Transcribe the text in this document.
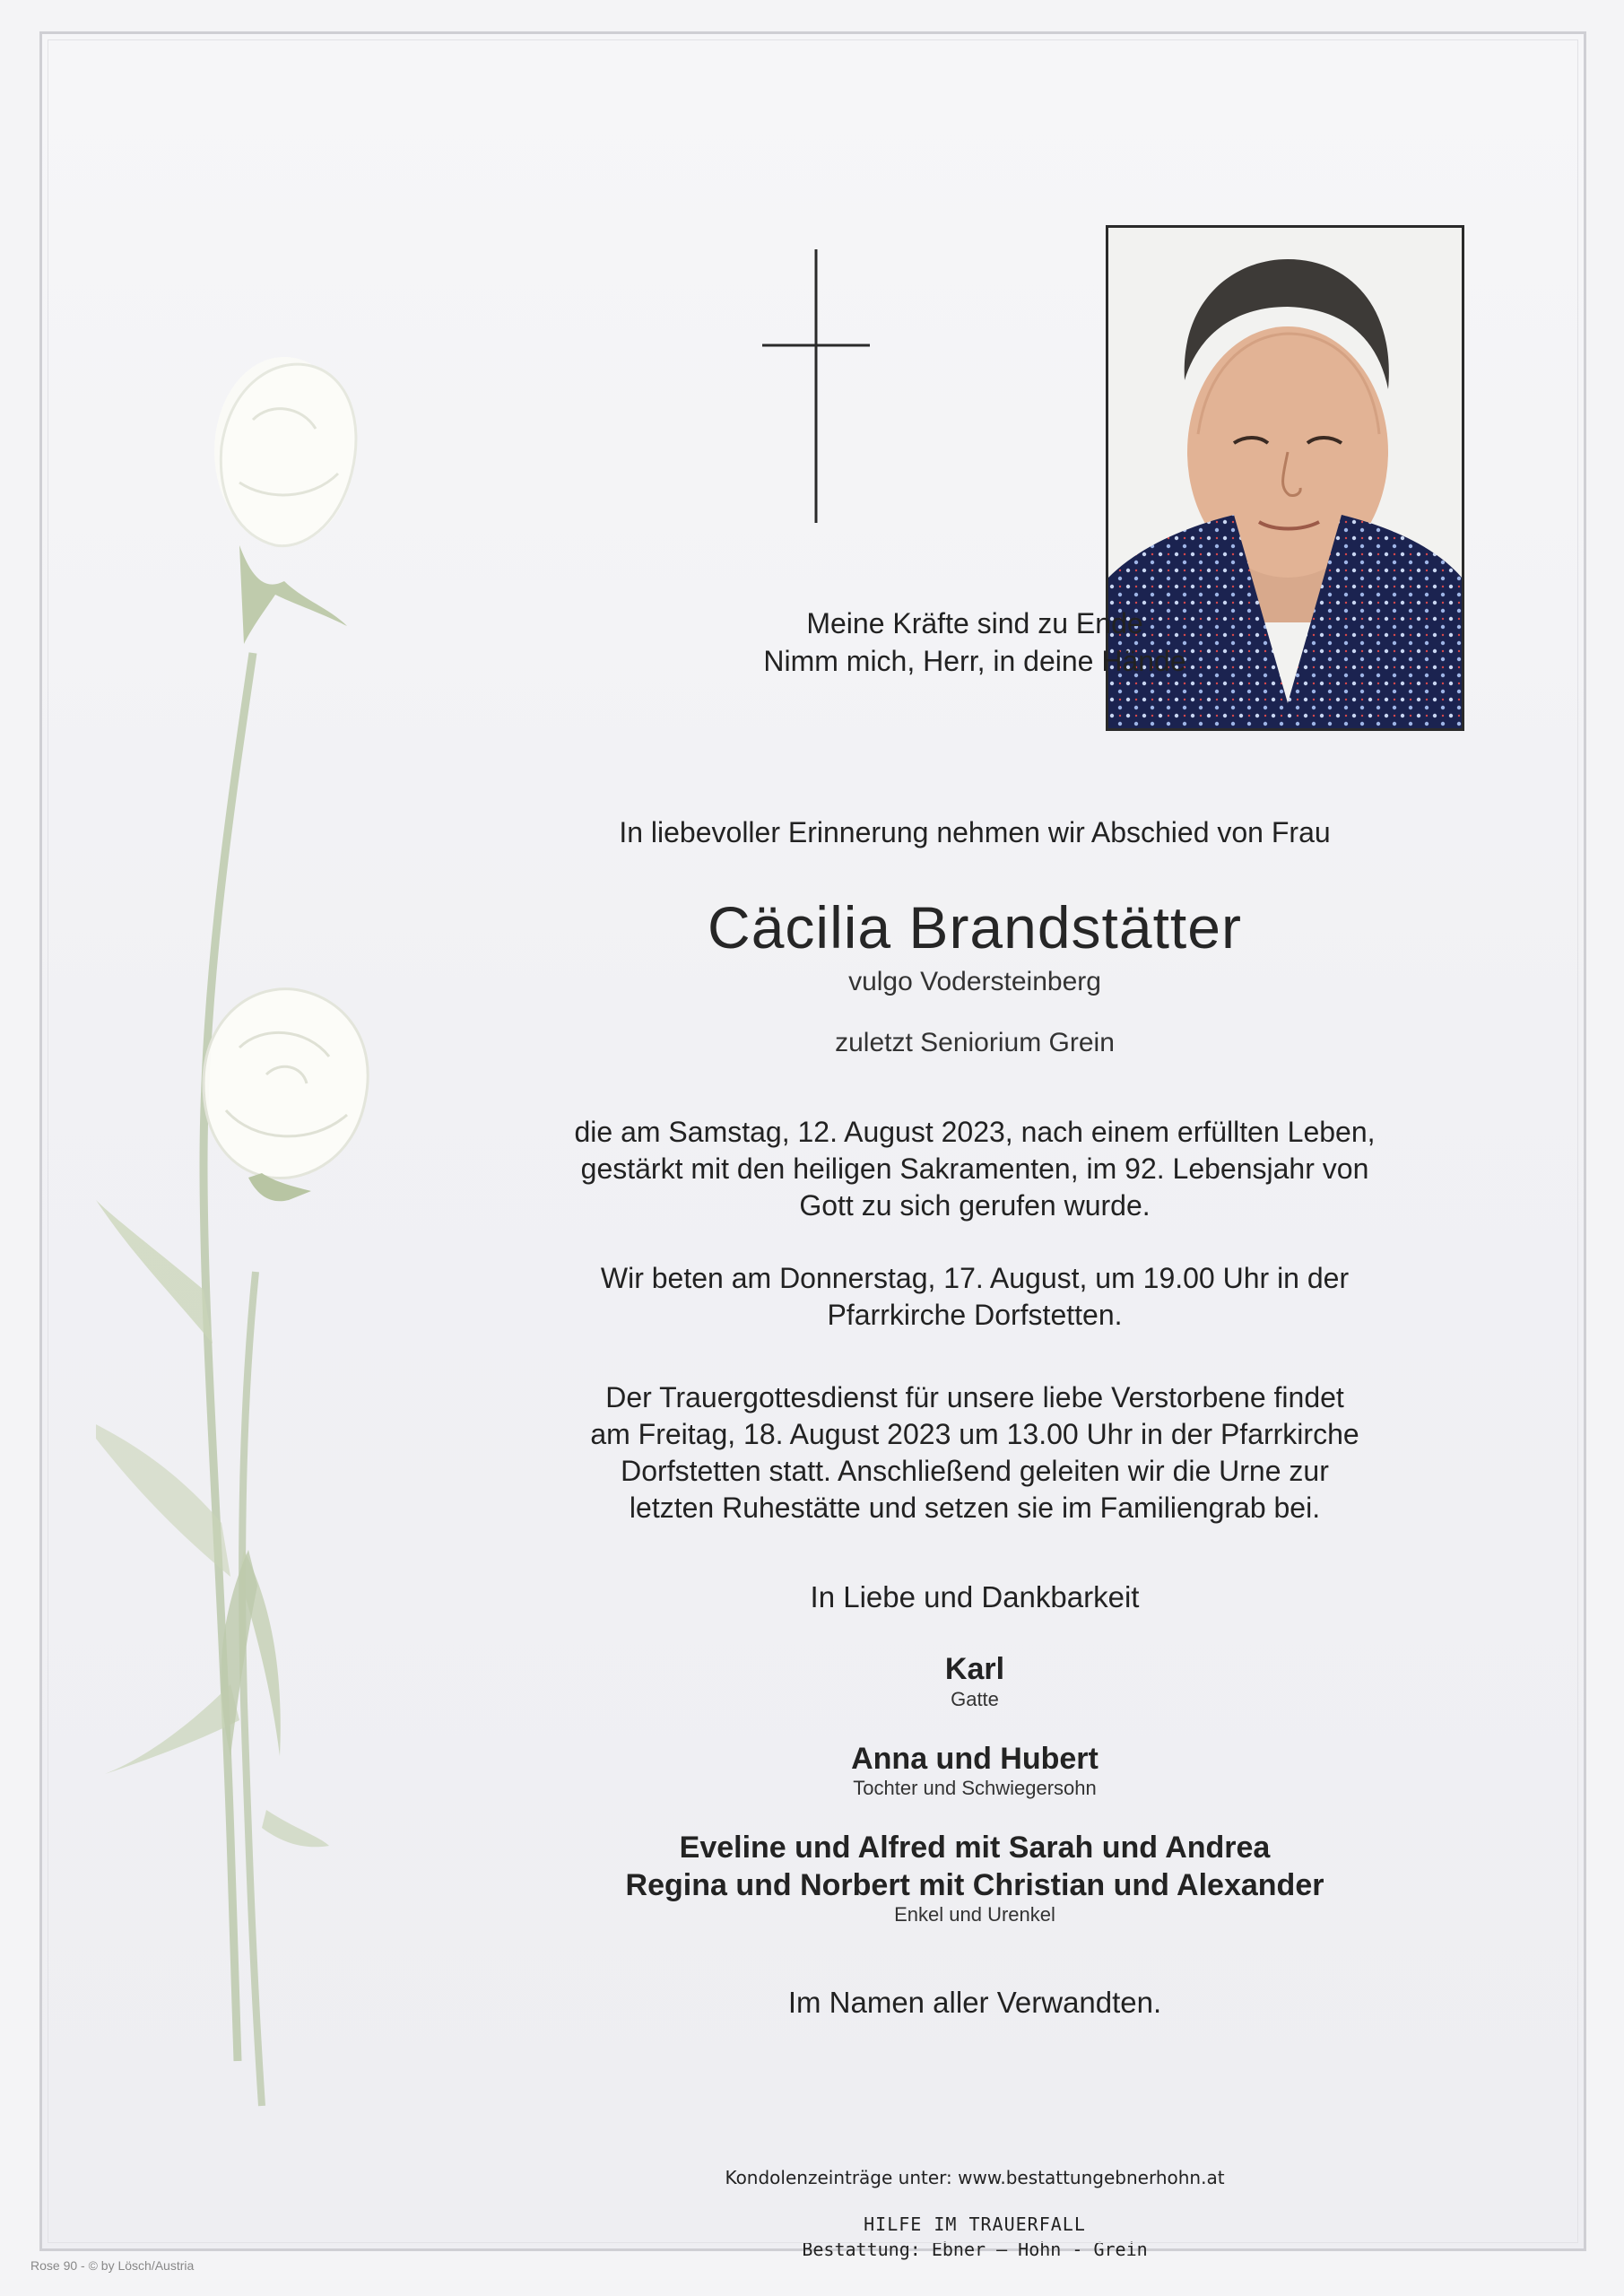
Meine Kräfte sind zu Ende
Nimm mich, Herr, in deine Hände
In liebevoller Erinnerung nehmen wir Abschied von Frau
Cäcilia Brandstätter
vulgo Vodersteinberg
zuletzt Seniorium Grein
die am Samstag, 12. August 2023, nach einem erfüllten Leben,
gestärkt mit den heiligen Sakramenten, im 92. Lebensjahr von
Gott zu sich gerufen wurde.
Wir beten am Donnerstag, 17. August, um 19.00 Uhr in der
Pfarrkirche Dorfstetten.
Der Trauergottesdienst für unsere liebe Verstorbene findet
am Freitag, 18. August 2023 um 13.00 Uhr in der Pfarrkirche
Dorfstetten statt. Anschließend geleiten wir die Urne zur
letzten Ruhestätte und setzen sie im Familiengrab bei.
In Liebe und Dankbarkeit
Karl
Gatte
Anna und Hubert
Tochter und Schwiegersohn
Eveline und Alfred mit Sarah und Andrea
Regina und Norbert mit Christian und Alexander
Enkel und Urenkel
Im Namen aller Verwandten.
Kondolenzeinträge unter: www.bestattungebnerhohn.at
HILFE IM TRAUERFALL
Bestattung: Ebner – Hohn - Grein
Rose 90 - © by Lösch/Austria
